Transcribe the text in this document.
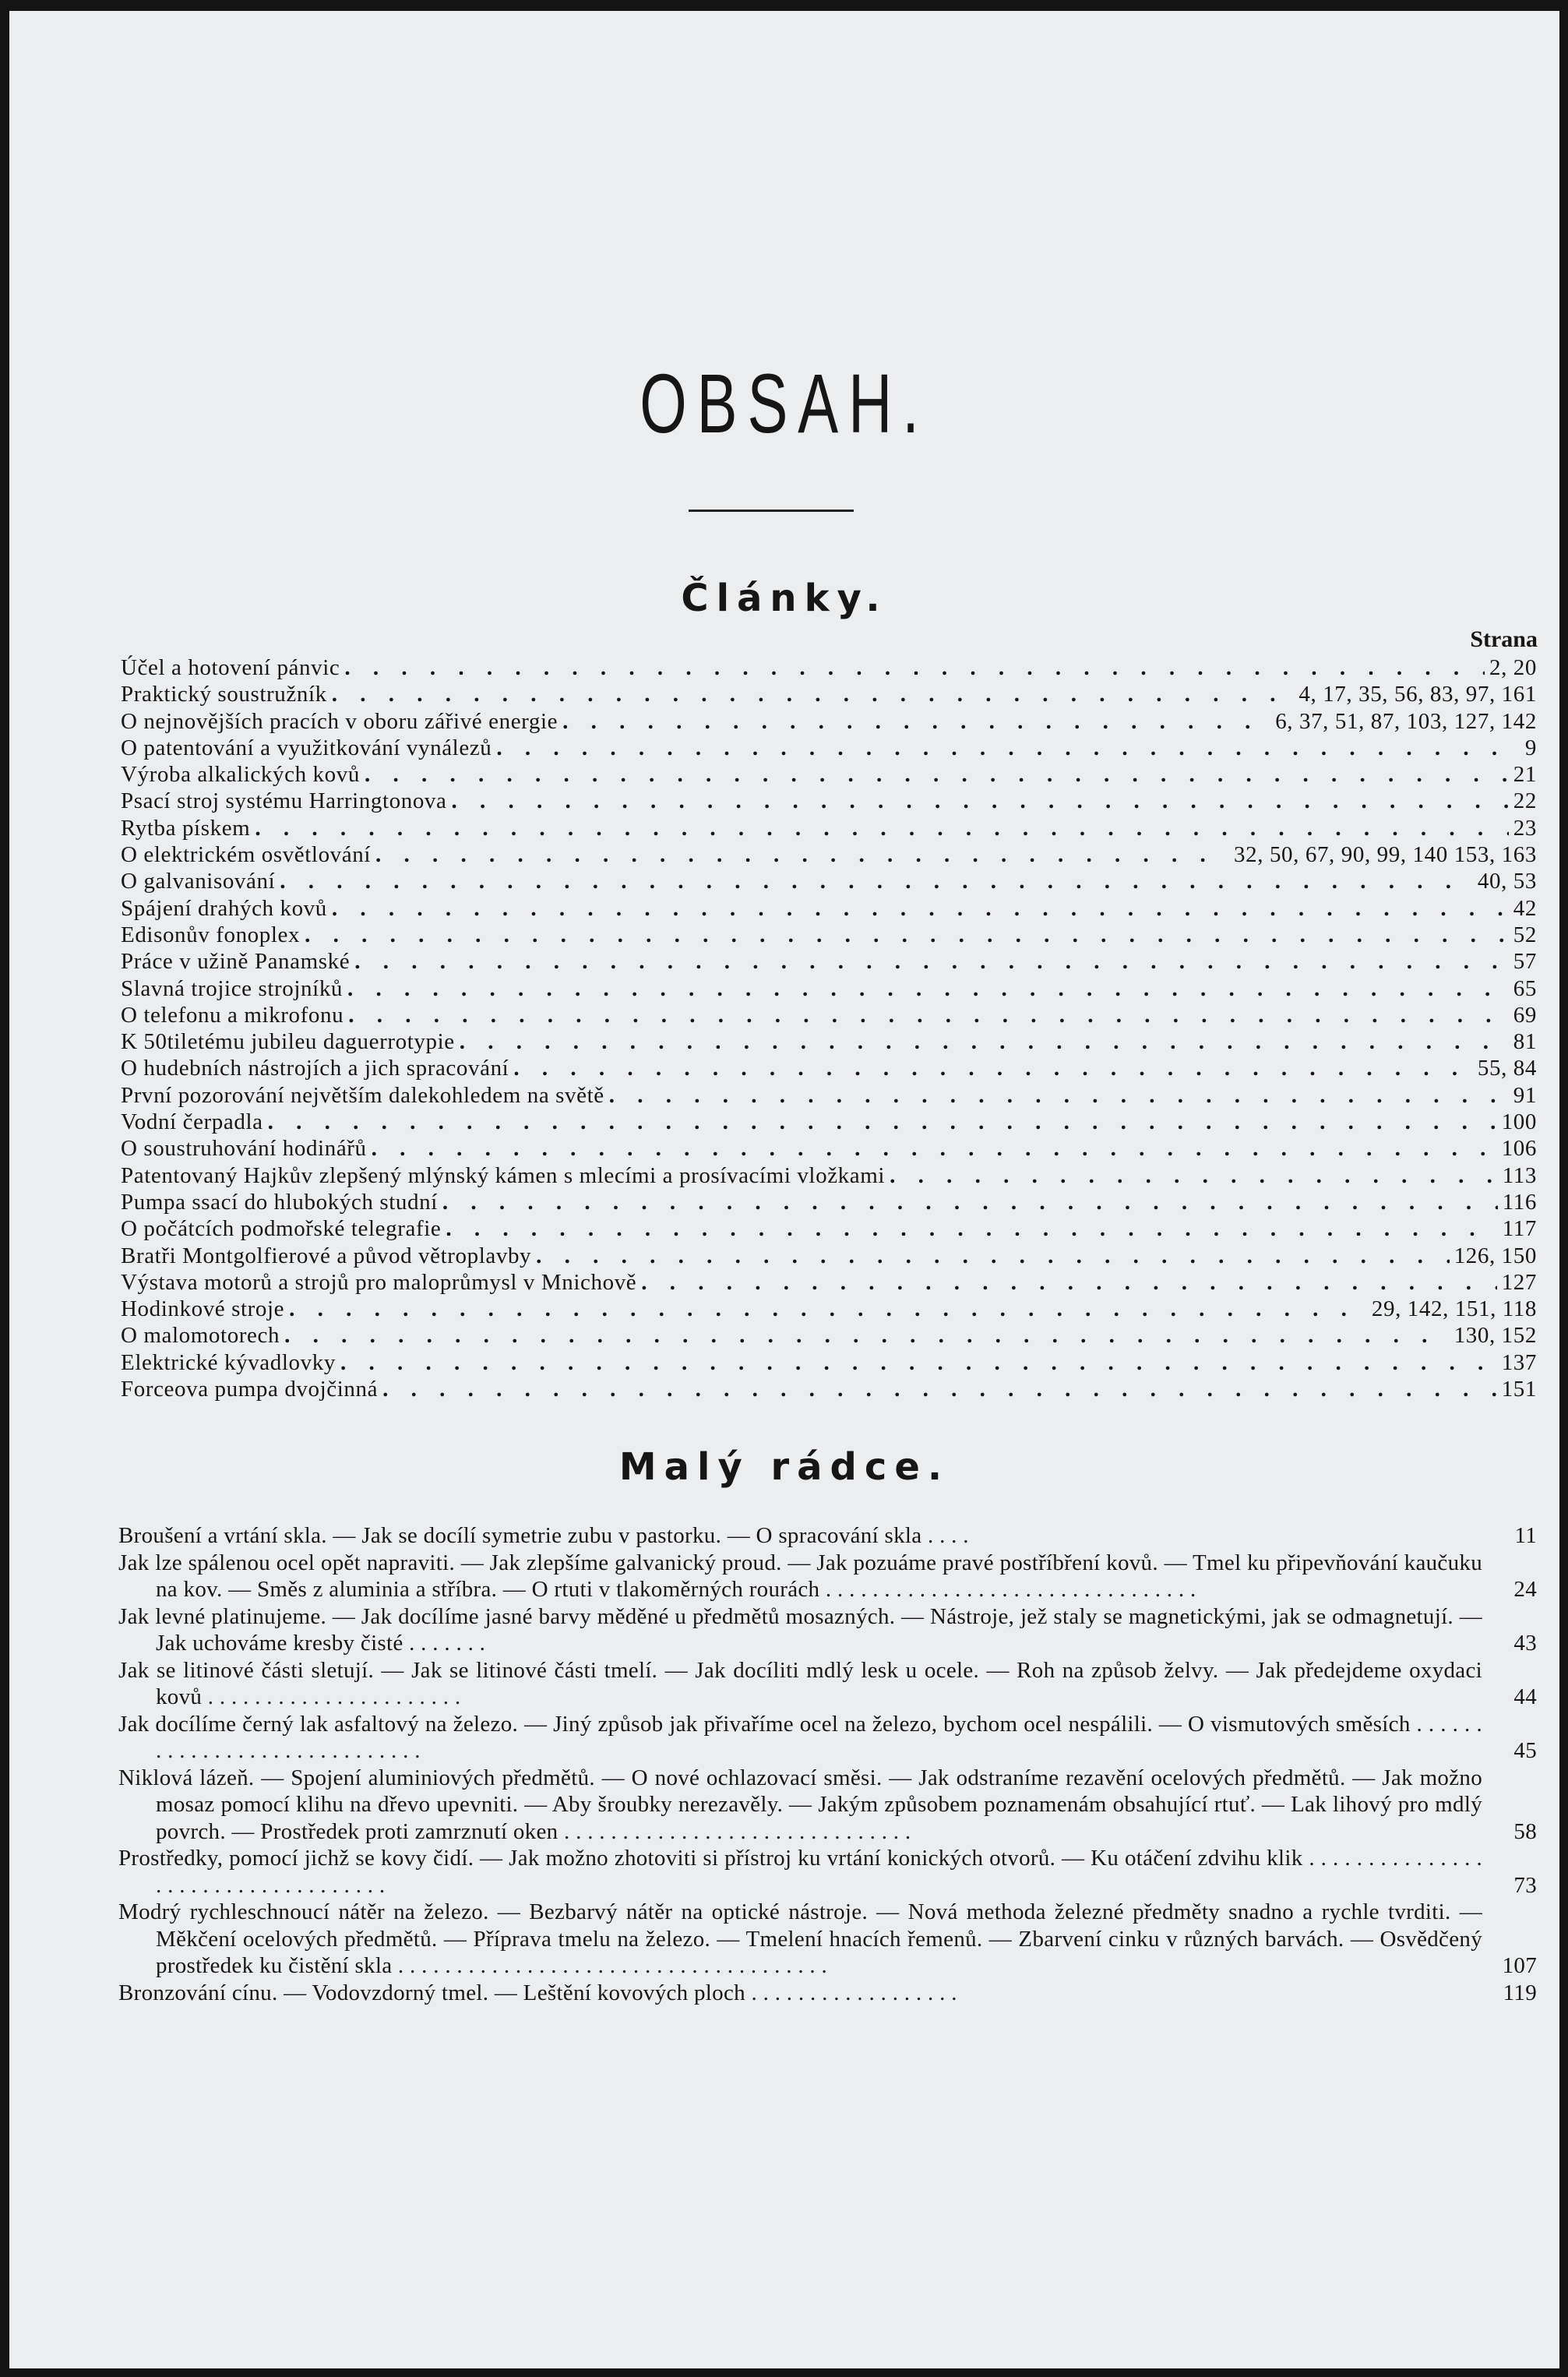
OBSAH.
Články.
Strana
Účel a hotovení pánvic . . .	2, 20
Praktický soustružník . . .	4, 17, 35, 56, 83, 97, 161
O nejnovějších pracích v oboru zářivé energie . . .	6, 37, 51, 87, 103, 127, 142
O patentování a využitkování vynálezů . . .	9
Výroba alkalických kovů . . .	21
Psací stroj systému Harringtonova . . .	22
Rytba pískem . . .	23
O elektrickém osvětlování . . .	32, 50, 67, 90, 99, 140 153, 163
O galvanisování . . .	40, 53
Spájení drahých kovů . . .	42
Edisonův fonoplex . . .	52
Práce v užině Panamské . . .	57
Slavná trojice strojníků . . .	65
O telefonu a mikrofonu . . .	69
K 50tiletému jubileu daguerrotypie . . .	81
O hudebních nástrojích a jich spracování . . .	55, 84
První pozorování největším dalekohledem na světě . . .	91
Vodní čerpadla . . .	100
O soustruhování hodinářů . . .	106
Patentovaný Hajkův zlepšený mlýnský kámen s mlecími a prosívacími vložkami . . .	113
Pumpa ssací do hlubokých studní . . .	116
O počátcích podmořské telegrafie . . .	117
Bratři Montgolfierové a původ větroplavby . . .	126, 150
Výstava motorů a strojů pro maloprůmysl v Mnichově . . .	127
Hodinkové stroje . . .	29, 142, 151, 118
O malomotorech . . .	130, 152
Elektrické kývadlovky . . .	137
Forceova pumpa dvojčinná . . .	151
Malý rádce.
Broušení a vrtání skla. — Jak se docílí symetrie zubu v pastorku. — O spracování skla . . . .	11
Jak lze spálenou ocel opět napraviti. — Jak zlepšíme galvanický proud. — Jak pozuáme pravé postříbření kovů. — Tmel ku připevňování kaučuku na kov. — Směs z aluminia a stříbra. — O rtuti v tlakoměrných rourách . . . . . . . . . . . . . . . . . . . . . . . . . . . . . . . .	24
Jak levné platinujeme. — Jak docílíme jasné barvy měděné u předmětů mosazných. — Nástroje, jež staly se magnetickými, jak se odmagnetují. — Jak uchováme kresby čisté . . . . . . .	43
Jak se litinové části sletují. — Jak se litinové části tmelí. — Jak docíliti mdlý lesk u ocele. — Roh na způsob želvy. — Jak předejdeme oxydaci kovů . . . . . . . . . . . . . . . . . . . . . .	44
Jak docílíme černý lak asfaltový na železo. — Jiný způsob jak přivaříme ocel na železo, bychom ocel nespálili. — O vismutových směsích . . . . . . . . . . . . . . . . . . . . . . . . . . . . .	45
Niklová lázeň. — Spojení aluminiových předmětů. — O nové ochlazovací směsi. — Jak odstraníme rezavění ocelových předmětů. — Jak možno mosaz pomocí klihu na dřevo upevniti. — Aby šroubky nerezavěly. — Jakým způsobem poznamenám obsahující rtuť. — Lak lihový pro mdlý povrch. — Prostředek proti zamrznutí oken . . . . . . . . . . . . . . . . . . . . . . . . . . . . . .	58
Prostředky, pomocí jichž se kovy čidí. — Jak možno zhotoviti si přístroj ku vrtání konických otvorů. — Ku otáčení zdvihu klik . . . . . . . . . . . . . . . . . . . . . . . . . . . . . . . . . . .	73
Modrý rychleschnoucí nátěr na železo. — Bezbarvý nátěr na optické nástroje. — Nová methoda železné předměty snadno a rychle tvrditi. — Měkčení ocelových předmětů. — Příprava tmelu na železo. — Tmelení hnacích řemenů. — Zbarvení cinku v různých barvách. — Osvědčený prostředek ku čistění skla . . . . . . . . . . . . . . . . . . . . . . . . . . . . . . . . . . . . .	107
Bronzování cínu. — Vodovzdorný tmel. — Leštění kovových ploch . . . . . . . . . . . . . . . . . .	119
